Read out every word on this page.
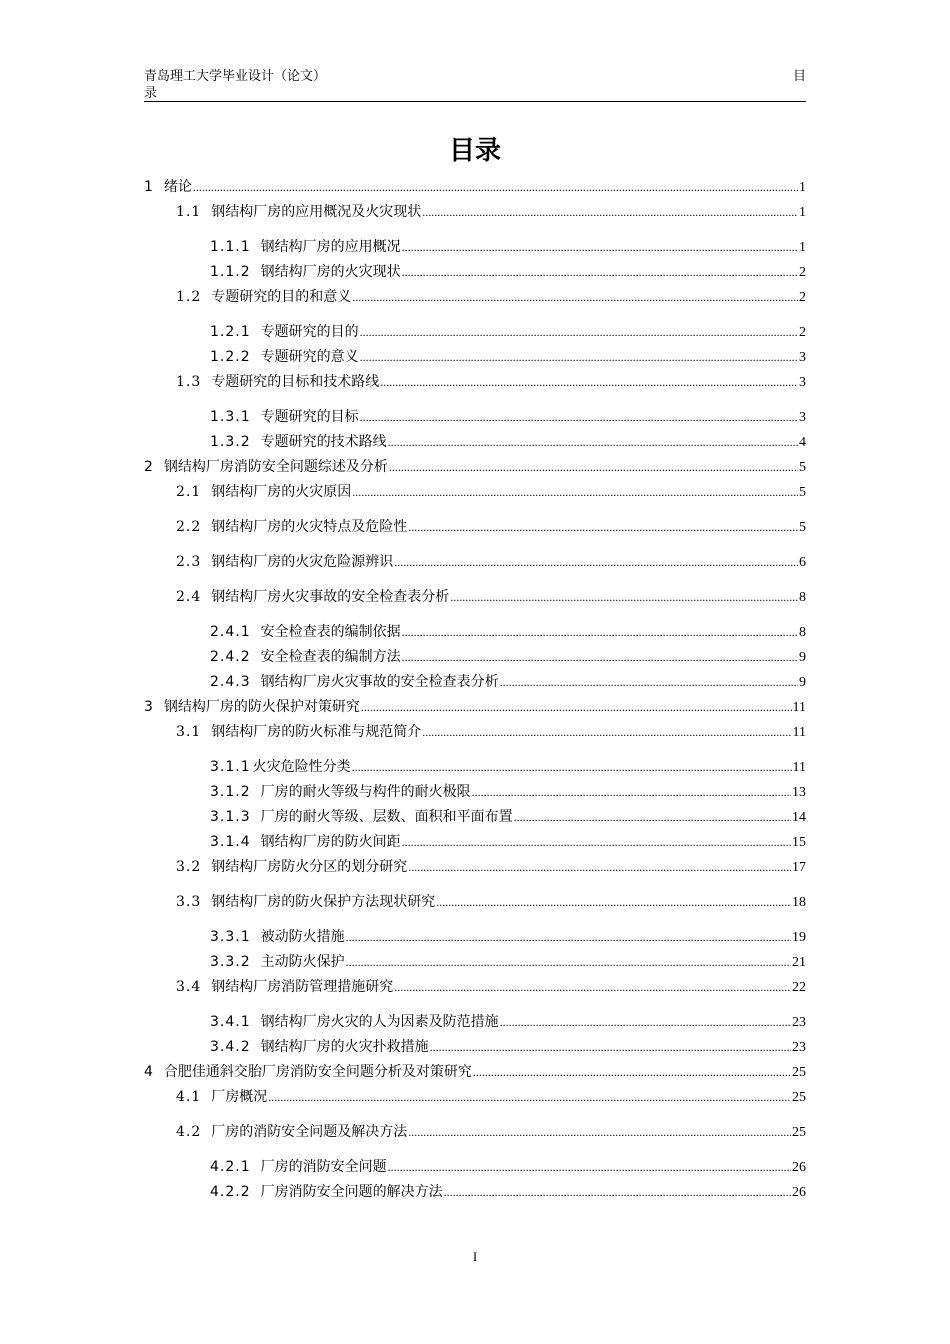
青岛理工大学毕业设计（论文）
录
目
目录
1 绪论 .....	1
1.1 钢结构厂房的应用概况及火灾现状 .....	1
1.1.1 钢结构厂房的应用概况 .....	1
1.1.2 钢结构厂房的火灾现状 .....	2
1.2 专题研究的目的和意义 .....	2
1.2.1 专题研究的目的 .....	2
1.2.2 专题研究的意义 .....	3
1.3 专题研究的目标和技术路线 .....	3
1.3.1 专题研究的目标 .....	3
1.3.2 专题研究的技术路线 .....	4
2 钢结构厂房消防安全问题综述及分析 .....	5
2.1 钢结构厂房的火灾原因 .....	5
2.2 钢结构厂房的火灾特点及危险性 .....	5
2.3 钢结构厂房的火灾危险源辨识 .....	6
2.4 钢结构厂房火灾事故的安全检查表分析 .....	8
2.4.1 安全检查表的编制依据 .....	8
2.4.2 安全检查表的编制方法 .....	9
2.4.3 钢结构厂房火灾事故的安全检查表分析 .....	9
3 钢结构厂房的防火保护对策研究 .....	11
3.1 钢结构厂房的防火标准与规范简介 .....	11
3.1.1 火灾危险性分类 .....	11
3.1.2 厂房的耐火等级与构件的耐火极限 .....	13
3.1.3 厂房的耐火等级、层数、面积和平面布置 .....	14
3.1.4 钢结构厂房的防火间距 .....	15
3.2 钢结构厂房防火分区的划分研究 .....	17
3.3 钢结构厂房的防火保护方法现状研究 .....	18
3.3.1 被动防火措施 .....	19
3.3.2 主动防火保护 .....	21
3.4 钢结构厂房消防管理措施研究 .....	22
3.4.1 钢结构厂房火灾的人为因素及防范措施 .....	23
3.4.2 钢结构厂房的火灾扑救措施 .....	23
4 合肥佳通斜交胎厂房消防安全问题分析及对策研究 .....	25
4.1 厂房概况 .....	25
4.2 厂房的消防安全问题及解决方法 .....	25
4.2.1 厂房的消防安全问题 .....	26
4.2.2 厂房消防安全问题的解决方法 .....	26
I
